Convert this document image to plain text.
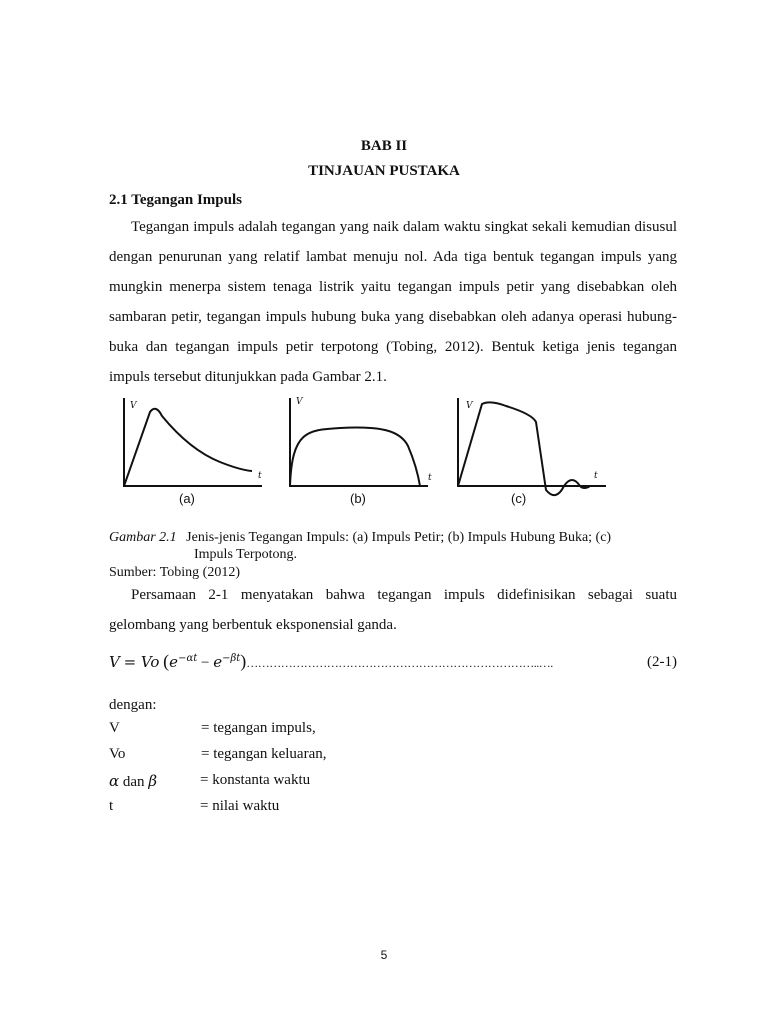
BAB II
TINJAUAN PUSTAKA
2.1 Tegangan Impuls
Tegangan impuls adalah tegangan yang naik dalam waktu singkat sekali kemudian disusul dengan penurunan yang relatif lambat menuju nol. Ada tiga bentuk tegangan impuls yang mungkin menerpa sistem tenaga listrik yaitu tegangan impuls petir yang disebabkan oleh sambaran petir, tegangan impuls hubung buka yang disebabkan oleh adanya operasi hubung-buka dan tegangan impuls petir terpotong (Tobing, 2012). Bentuk ketiga jenis tegangan impuls tersebut ditunjukkan pada Gambar 2.1.
V
t
V
t
V
t
(a)	(b)	(c)
Gambar 2.1 Jenis-jenis Tegangan Impuls: (a) Impuls Petir; (b) Impuls Hubung Buka; (c)
Impuls Terpotong.
Sumber: Tobing (2012)
Persamaan 2-1 menyatakan bahwa tegangan impuls didefinisikan sebagai suatu gelombang yang berbentuk eksponensial ganda.
V = Vo ($e^{-\alpha t}$ − $e^{-\beta t})\dots\dots\dots\dots\dots\dots\dots\dots\dots\dots\dots\dots\dots\dots\dots\dots\dots\dots\dots\dots\dots\dots\dots\dots\dots..\dots$.	(2-1)
dengan:
V	= tegangan impuls,
Vo	= tegangan keluaran,
α dan β	= konstanta waktu
t	= nilai waktu
5
